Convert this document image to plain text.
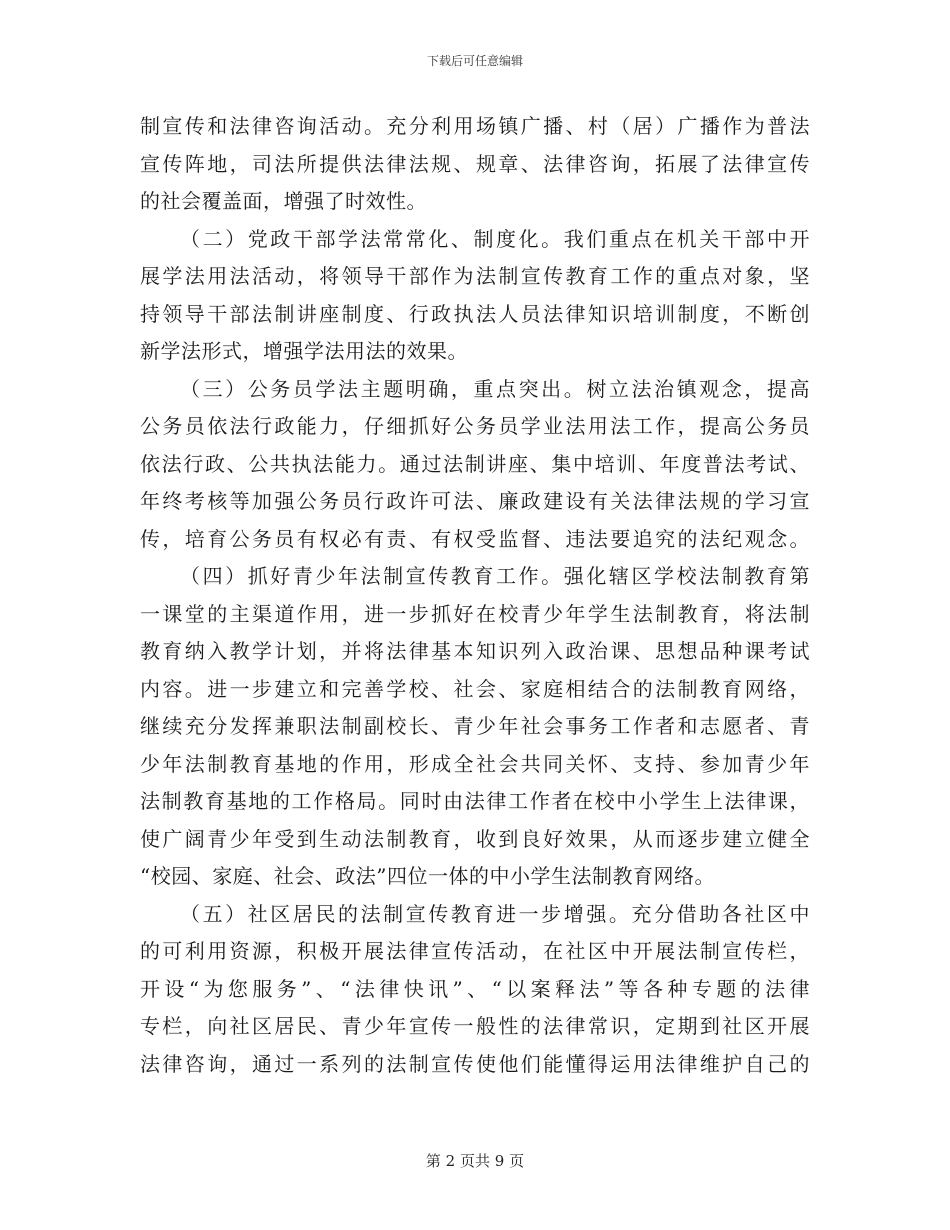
下载后可任意编辑
制宣传和法律咨询活动。充分利用场镇广播、村（居）广播作为普法
宣传阵地，司法所提供法律法规、规章、法律咨询，拓展了法律宣传
的社会覆盖面，增强了时效性。
（二）党政干部学法常常化、制度化。我们重点在机关干部中开
展学法用法活动，将领导干部作为法制宣传教育工作的重点对象，坚
持领导干部法制讲座制度、行政执法人员法律知识培训制度，不断创
新学法形式，增强学法用法的效果。
（三）公务员学法主题明确，重点突出。树立法治镇观念，提高
公务员依法行政能力，仔细抓好公务员学业法用法工作，提高公务员
依法行政、公共执法能力。通过法制讲座、集中培训、年度普法考试、
年终考核等加强公务员行政许可法、廉政建设有关法律法规的学习宣
传，培育公务员有权必有责、有权受监督、违法要追究的法纪观念。
（四）抓好青少年法制宣传教育工作。强化辖区学校法制教育第
一课堂的主渠道作用，进一步抓好在校青少年学生法制教育，将法制
教育纳入教学计划，并将法律基本知识列入政治课、思想品种课考试
内容。进一步建立和完善学校、社会、家庭相结合的法制教育网络，
继续充分发挥兼职法制副校长、青少年社会事务工作者和志愿者、青
少年法制教育基地的作用，形成全社会共同关怀、支持、参加青少年
法制教育基地的工作格局。同时由法律工作者在校中小学生上法律课，
使广阔青少年受到生动法制教育，收到良好效果，从而逐步建立健全
“校园、家庭、社会、政法”四位一体的中小学生法制教育网络。
（五）社区居民的法制宣传教育进一步增强。充分借助各社区中
的可利用资源，积极开展法律宣传活动，在社区中开展法制宣传栏，
开设“为您服务”、“法律快讯”、“以案释法”等各种专题的法律
专栏，向社区居民、青少年宣传一般性的法律常识，定期到社区开展
法律咨询，通过一系列的法制宣传使他们能懂得运用法律维护自己的
第 2 页共 9 页
